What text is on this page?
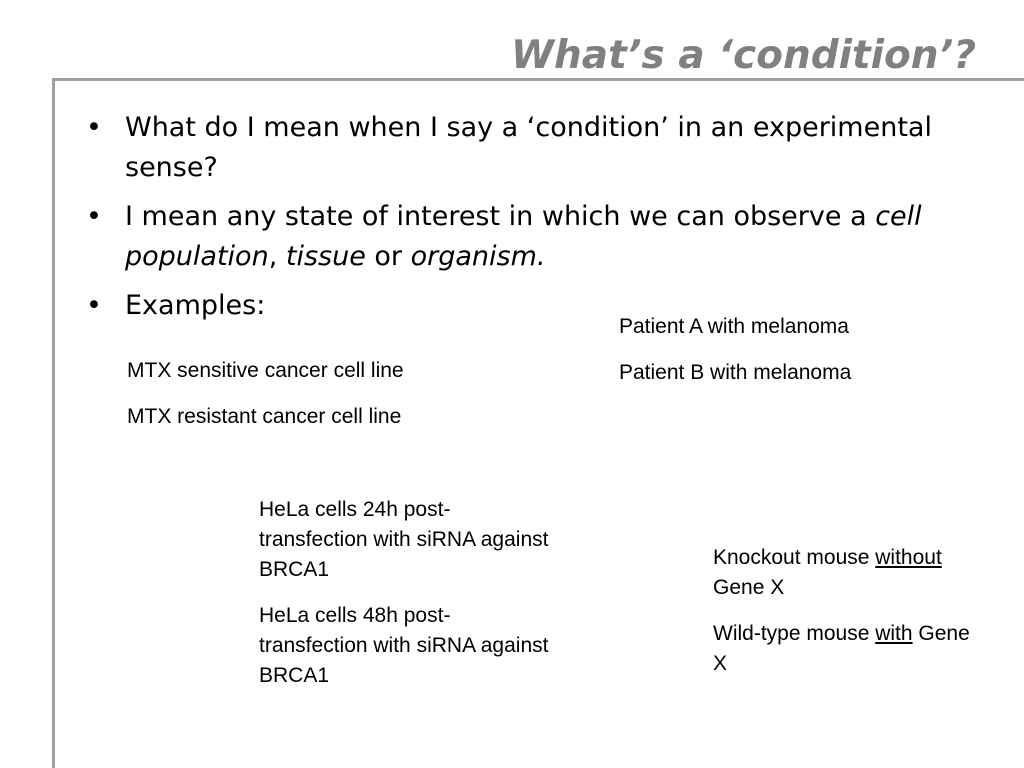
What’s a ‘condition’?
• What do I mean when I say a ‘condition’ in an experimental sense?
• I mean any state of interest in which we can observe a cell population, tissue or organism.
• Examples:

MTX sensitive cancer cell line

MTX resistant cancer cell line

Patient A with melanoma

Patient B with melanoma

HeLa cells 24h post-transfection with siRNA against BRCA1

HeLa cells 48h post-transfection with siRNA against BRCA1

Knockout mouse without Gene X

Wild-type mouse with Gene X
